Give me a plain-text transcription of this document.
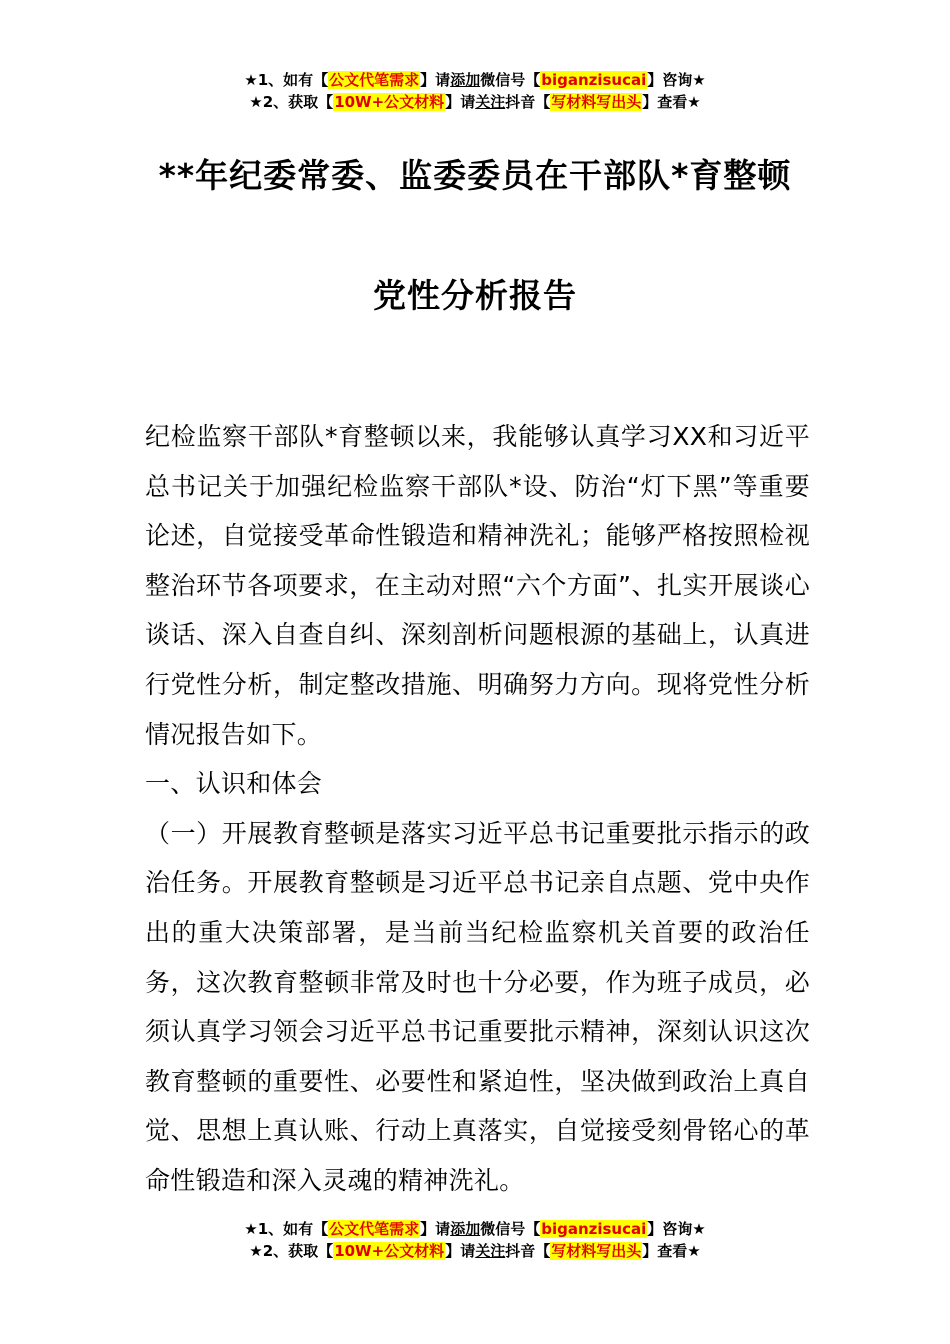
★1、如有【公文代笔需求】请添加微信号【biganzisucai】咨询★
★2、获取【10W+公文材料】请关注抖音【写材料写出头】查看★
**年纪委常委、监委委员在干部队*育整顿
党性分析报告

纪检监察干部队*育整顿以来，我能够认真学习XX和习近平总书记关于加强纪检监察干部队*设、防治“灯下黑”等重要论述，自觉接受革命性锻造和精神洗礼；能够严格按照检视整治环节各项要求，在主动对照“六个方面”、扎实开展谈心谈话、深入自查自纠、深刻剖析问题根源的基础上，认真进行党性分析，制定整改措施、明确努力方向。现将党性分析情况报告如下。

一、认识和体会

（一）开展教育整顿是落实习近平总书记重要批示指示的政治任务。开展教育整顿是习近平总书记亲自点题、党中央作出的重大决策部署，是当前当纪检监察机关首要的政治任务，这次教育整顿非常及时也十分必要，作为班子成员，必须认真学习领会习近平总书记重要批示精神，深刻认识这次教育整顿的重要性、必要性和紧迫性，坚决做到政治上真自觉、思想上真认账、行动上真落实，自觉接受刻骨铭心的革命性锻造和深入灵魂的精神洗礼。

★1、如有【公文代笔需求】请添加微信号【biganzisucai】咨询★
★2、获取【10W+公文材料】请关注抖音【写材料写出头】查看★
